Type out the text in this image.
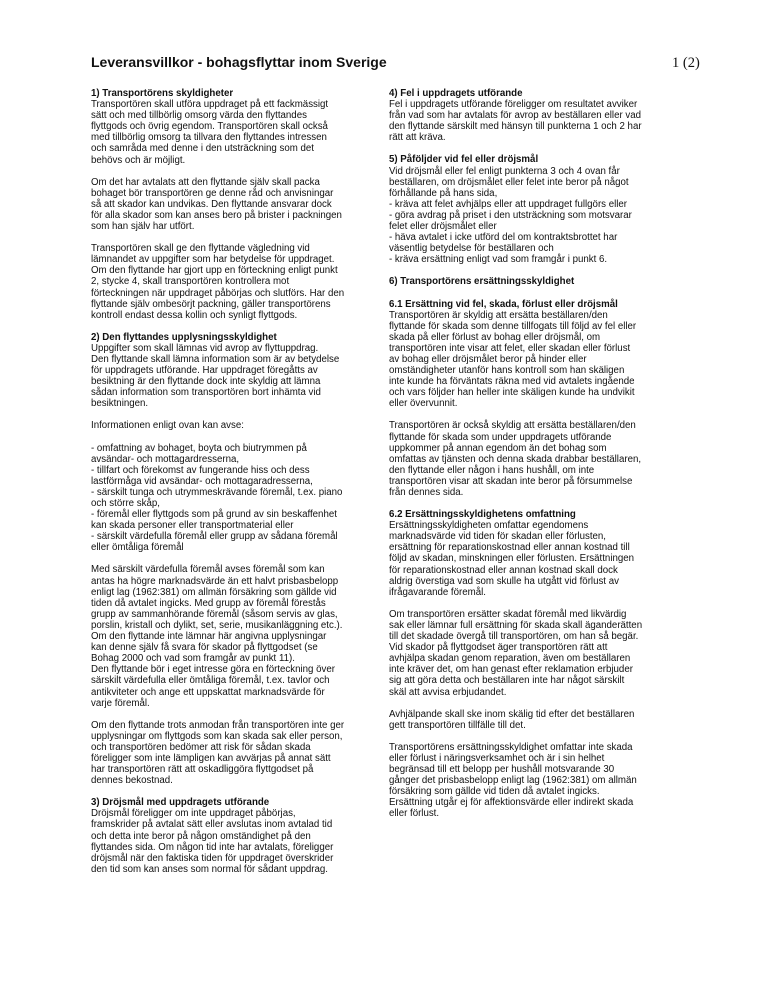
Leveransvillkor - bohagsflyttar inom Sverige	1 (2)
1) Transportörens skyldigheter
Transportören skall utföra uppdraget på ett fackmässigt
sätt och med tillbörlig omsorg värda den flyttandes
flyttgods och övrig egendom. Transportören skall också
med tillbörlig omsorg ta tillvara den flyttandes intressen
och samråda med denne i den utsträckning som det
behövs och är möjligt.
Om det har avtalats att den flyttande själv skall packa
bohaget bör transportören ge denne råd och anvisningar
så att skador kan undvikas. Den flyttande ansvarar dock
för alla skador som kan anses bero på brister i packningen
som han själv har utfört.
Transportören skall ge den flyttande vägledning vid
lämnandet av uppgifter som har betydelse för uppdraget.
Om den flyttande har gjort upp en förteckning enligt punkt
2, stycke 4, skall transportören kontrollera mot
förteckningen när uppdraget påbörjas och slutförs. Har den
flyttande själv ombesörjt packning, gäller transportörens
kontroll endast dessa kollin och synligt flyttgods.
2) Den flyttandes upplysningsskyldighet
Uppgifter som skall lämnas vid avrop av flyttuppdrag.
Den flyttande skall lämna information som är av betydelse
för uppdragets utförande. Har uppdraget föregåtts av
besiktning är den flyttande dock inte skyldig att lämna
sådan information som transportören bort inhämta vid
besiktningen.
Informationen enligt ovan kan avse:
- omfattning av bohaget, boyta och biutrymmen på
avsändar- och mottagardresserna,
- tillfart och förekomst av fungerande hiss och dess
lastförmåga vid avsändar- och mottagaradresserna,
- särskilt tunga och utrymmeskrävande föremål, t.ex. piano
och större skåp,
- föremål eller flyttgods som på grund av sin beskaffenhet
kan skada personer eller transportmaterial eller
- särskilt värdefulla föremål eller grupp av sådana föremål
eller ömtåliga föremål
Med särskilt värdefulla föremål avses föremål som kan
antas ha högre marknadsvärde än ett halvt prisbasbelopp
enligt lag (1962:381) om allmän försäkring som gällde vid
tiden då avtalet ingicks. Med grupp av föremål förestås
grupp av sammanhörande föremål (såsom servis av glas,
porslin, kristall och dylikt, set, serie, musikanläggning etc.).
Om den flyttande inte lämnar här angivna upplysningar
kan denne själv få svara för skador på flyttgodset (se
Bohag 2000 och vad som framgår av punkt 11).
Den flyttande bör i eget intresse göra en förteckning över
särskilt värdefulla eller ömtåliga föremål, t.ex. tavlor och
antikviteter och ange ett uppskattat marknadsvärde för
varje föremål.
Om den flyttande trots anmodan från transportören inte ger
upplysningar om flyttgods som kan skada sak eller person,
och transportören bedömer att risk för sådan skada
föreligger som inte lämpligen kan avvärjas på annat sätt
har transportören rätt att oskadliggöra flyttgodset på
dennes bekostnad.
3) Dröjsmål med uppdragets utförande
Dröjsmål föreligger om inte uppdraget påbörjas,
framskrider på avtalat sätt eller avslutas inom avtalad tid
och detta inte beror på någon omständighet på den
flyttandes sida. Om någon tid inte har avtalats, föreligger
dröjsmål när den faktiska tiden för uppdraget överskrider
den tid som kan anses som normal för sådant uppdrag.
4) Fel i uppdragets utförande
Fel i uppdragets utförande föreligger om resultatet avviker
från vad som har avtalats för avrop av beställaren eller vad
den flyttande särskilt med hänsyn till punkterna 1 och 2 har
rätt att kräva.
5) Påföljder vid fel eller dröjsmål
Vid dröjsmål eller fel enligt punkterna 3 och 4 ovan får
beställaren, om dröjsmålet eller felet inte beror på något
förhållande på hans sida,
- kräva att felet avhjälps eller att uppdraget fullgörs eller
- göra avdrag på priset i den utsträckning som motsvarar
felet eller dröjsmålet eller
- häva avtalet i icke utförd del om kontraktsbrottet har
väsentlig betydelse för beställaren och
- kräva ersättning enligt vad som framgår i punkt 6.
6) Transportörens ersättningsskyldighet
6.1 Ersättning vid fel, skada, förlust eller dröjsmål
Transportören är skyldig att ersätta beställaren/den
flyttande för skada som denne tillfogats till följd av fel eller
skada på eller förlust av bohag eller dröjsmål, om
transportören inte visar att felet, eller skadan eller förlust
av bohag eller dröjsmålet beror på hinder eller
omständigheter utanför hans kontroll som han skäligen
inte kunde ha förväntats räkna med vid avtalets ingående
och vars följder han heller inte skäligen kunde ha undvikit
eller övervunnit.
Transportören är också skyldig att ersätta beställaren/den
flyttande för skada som under uppdragets utförande
uppkommer på annan egendom än det bohag som
omfattas av tjänsten och denna skada drabbar beställaren,
den flyttande eller någon i hans hushåll, om inte
transportören visar att skadan inte beror på försummelse
från dennes sida.
6.2 Ersättningsskyldighetens omfattning
Ersättningsskyldigheten omfattar egendomens
marknadsvärde vid tiden för skadan eller förlusten,
ersättning för reparationskostnad eller annan kostnad till
följd av skadan, minskningen eller förlusten. Ersättningen
för reparationskostnad eller annan kostnad skall dock
aldrig överstiga vad som skulle ha utgått vid förlust av
ifrågavarande föremål.
Om transportören ersätter skadat föremål med likvärdig
sak eller lämnar full ersättning för skada skall äganderätten
till det skadade övergå till transportören, om han så begär.
Vid skador på flyttgodset äger transportören rätt att
avhjälpa skadan genom reparation, även om beställaren
inte kräver det, om han genast efter reklamation erbjuder
sig att göra detta och beställaren inte har något särskilt
skäl att avvisa erbjudandet.
Avhjälpande skall ske inom skälig tid efter det beställaren
gett transportören tillfälle till det.
Transportörens ersättningsskyldighet omfattar inte skada
eller förlust i näringsverksamhet och är i sin helhet
begränsad till ett belopp per hushåll motsvarande 30
gånger det prisbasbelopp enligt lag (1962:381) om allmän
försäkring som gällde vid tiden då avtalet ingicks.
Ersättning utgår ej för affektionsvärde eller indirekt skada
eller förlust.
